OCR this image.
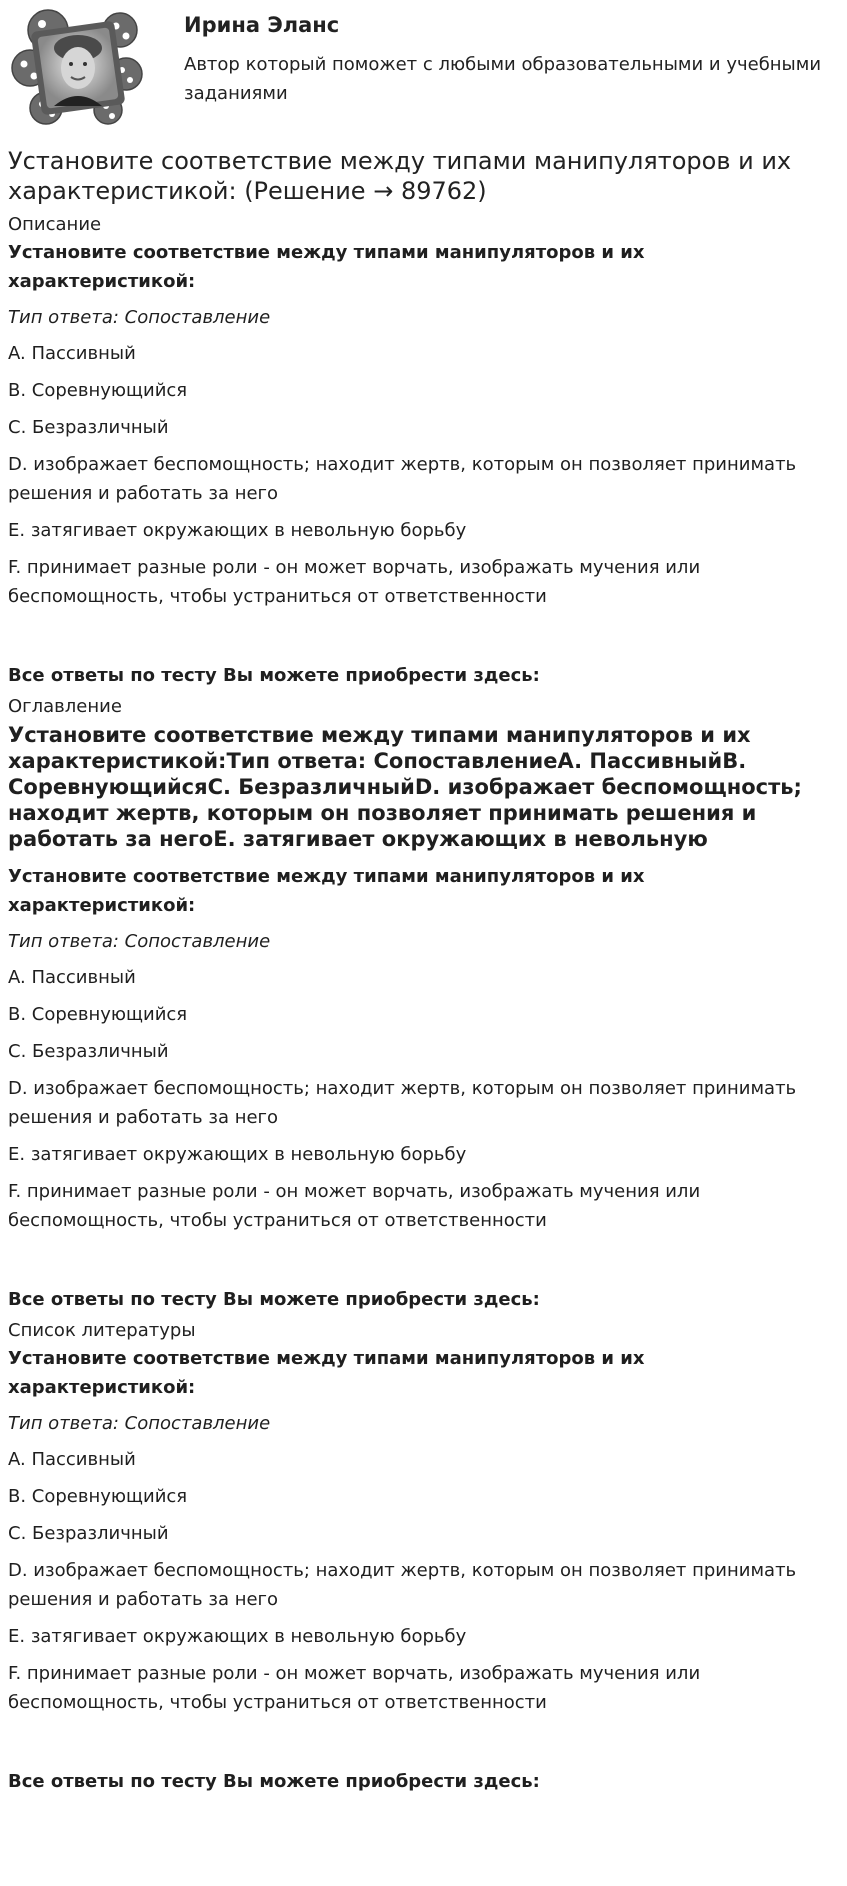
Ирина Эланс

Автор который поможет с любыми образовательными и учебными заданиями

Установите соответствие между типами манипуляторов и их характеристикой: (Решение → 89762)

Описание

Установите соответствие между типами манипуляторов и их характеристикой:

Тип ответа: Сопоставление

A. Пассивный

B. Соревнующийся

C. Безразличный

D. изображает беспомощность; находит жертв, которым он позволяет принимать решения и работать за него

E. затягивает окружающих в невольную борьбу

F. принимает разные роли - он может ворчать, изображать мучения или беспомощность, чтобы устраниться от ответственности

Все ответы по тесту Вы можете приобрести здесь:

Оглавление

Установите соответствие между типами манипуляторов и их характеристикой:Тип ответа: СопоставлениеA. ПассивныйB. СоревнующийсяC. БезразличныйD. изображает беспомощность; находит жертв, которым он позволяет принимать решения и работать за негоE. затягивает окружающих в невольную

Установите соответствие между типами манипуляторов и их характеристикой:

Тип ответа: Сопоставление

A. Пассивный

B. Соревнующийся

C. Безразличный

D. изображает беспомощность; находит жертв, которым он позволяет принимать решения и работать за него

E. затягивает окружающих в невольную борьбу

F. принимает разные роли - он может ворчать, изображать мучения или беспомощность, чтобы устраниться от ответственности

Все ответы по тесту Вы можете приобрести здесь:

Список литературы

Установите соответствие между типами манипуляторов и их характеристикой:

Тип ответа: Сопоставление

A. Пассивный

B. Соревнующийся

C. Безразличный

D. изображает беспомощность; находит жертв, которым он позволяет принимать решения и работать за него

E. затягивает окружающих в невольную борьбу

F. принимает разные роли - он может ворчать, изображать мучения или беспомощность, чтобы устраниться от ответственности

Все ответы по тесту Вы можете приобрести здесь:
